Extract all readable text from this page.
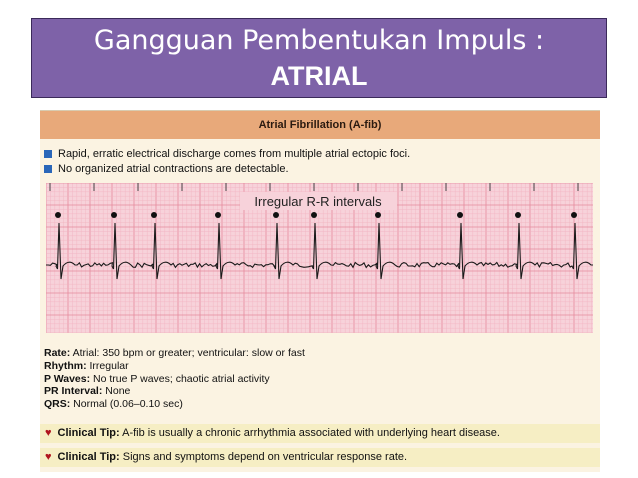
Gangguan Pembentukan Impuls :
ATRIAL
Atrial Fibrillation (A-fib)
Rapid, erratic electrical discharge comes from multiple atrial ectopic foci.
No organized atrial contractions are detectable.
Irregular R-R intervals
Rate: Atrial: 350 bpm or greater; ventricular: slow or fast
Rhythm: Irregular
P Waves: No true P waves; chaotic atrial activity
PR Interval: None
QRS: Normal (0.06–0.10 sec)
♥ Clinical Tip: A-fib is usually a chronic arrhythmia associated with underlying heart disease.
♥ Clinical Tip: Signs and symptoms depend on ventricular response rate.
